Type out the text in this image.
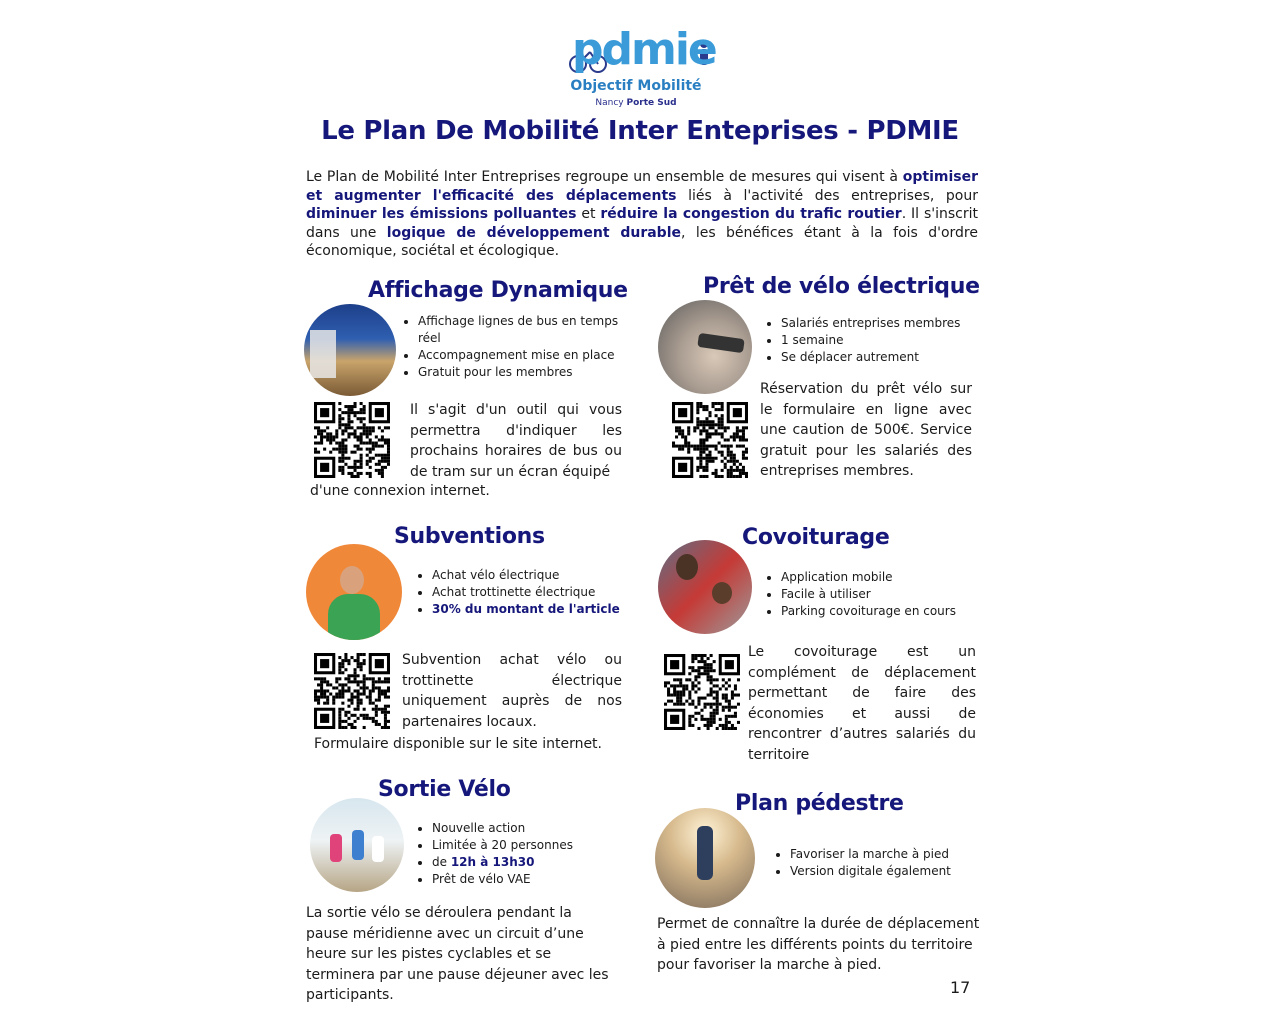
pdmie
Objectif Mobilité
Nancy Porte Sud
Le Plan De Mobilité Inter Enteprises - PDMIE
Le Plan de Mobilité Inter Entreprises regroupe un ensemble de mesures qui visent à optimiser et augmenter l'efficacité des déplacements liés à l'activité des entreprises, pour diminuer les émissions polluantes et réduire la congestion du trafic routier. Il s'inscrit dans une logique de développement durable, les bénéfices étant à la fois d'ordre économique, sociétal et écologique.
Affichage Dynamique
• Affichage lignes de bus en temps réel
• Accompagnement mise en place
• Gratuit pour les membres
Il s'agit d'un outil qui vous permettra d'indiquer les prochains horaires de bus ou de tram sur un écran équipé
d'une connexion internet.
Prêt de vélo électrique
• Salariés entreprises membres
• 1 semaine
• Se déplacer autrement
Réservation du prêt vélo sur le formulaire en ligne avec une caution de 500€. Service gratuit pour les salariés des entreprises membres.
Subventions
• Achat vélo électrique
• Achat trottinette électrique
• 30% du montant de l'article
Subvention achat vélo ou trottinette électrique uniquement auprès de nos partenaires locaux.
Formulaire disponible sur le site internet.
Covoiturage
• Application mobile
• Facile à utiliser
• Parking covoiturage en cours
Le covoiturage est un complément de déplacement permettant de faire des économies et aussi de rencontrer d’autres salariés du territoire
Sortie Vélo
• Nouvelle action
• Limitée à 20 personnes
• de 12h à 13h30
• Prêt de vélo VAE
La sortie vélo se déroulera pendant la pause méridienne avec un circuit d’une heure sur les pistes cyclables et se terminera par une pause déjeuner avec les participants.
Plan pédestre
• Favoriser la marche à pied
• Version digitale également
Permet de connaître la durée de déplacement à pied entre les différents points du territoire pour favoriser la marche à pied.
17
